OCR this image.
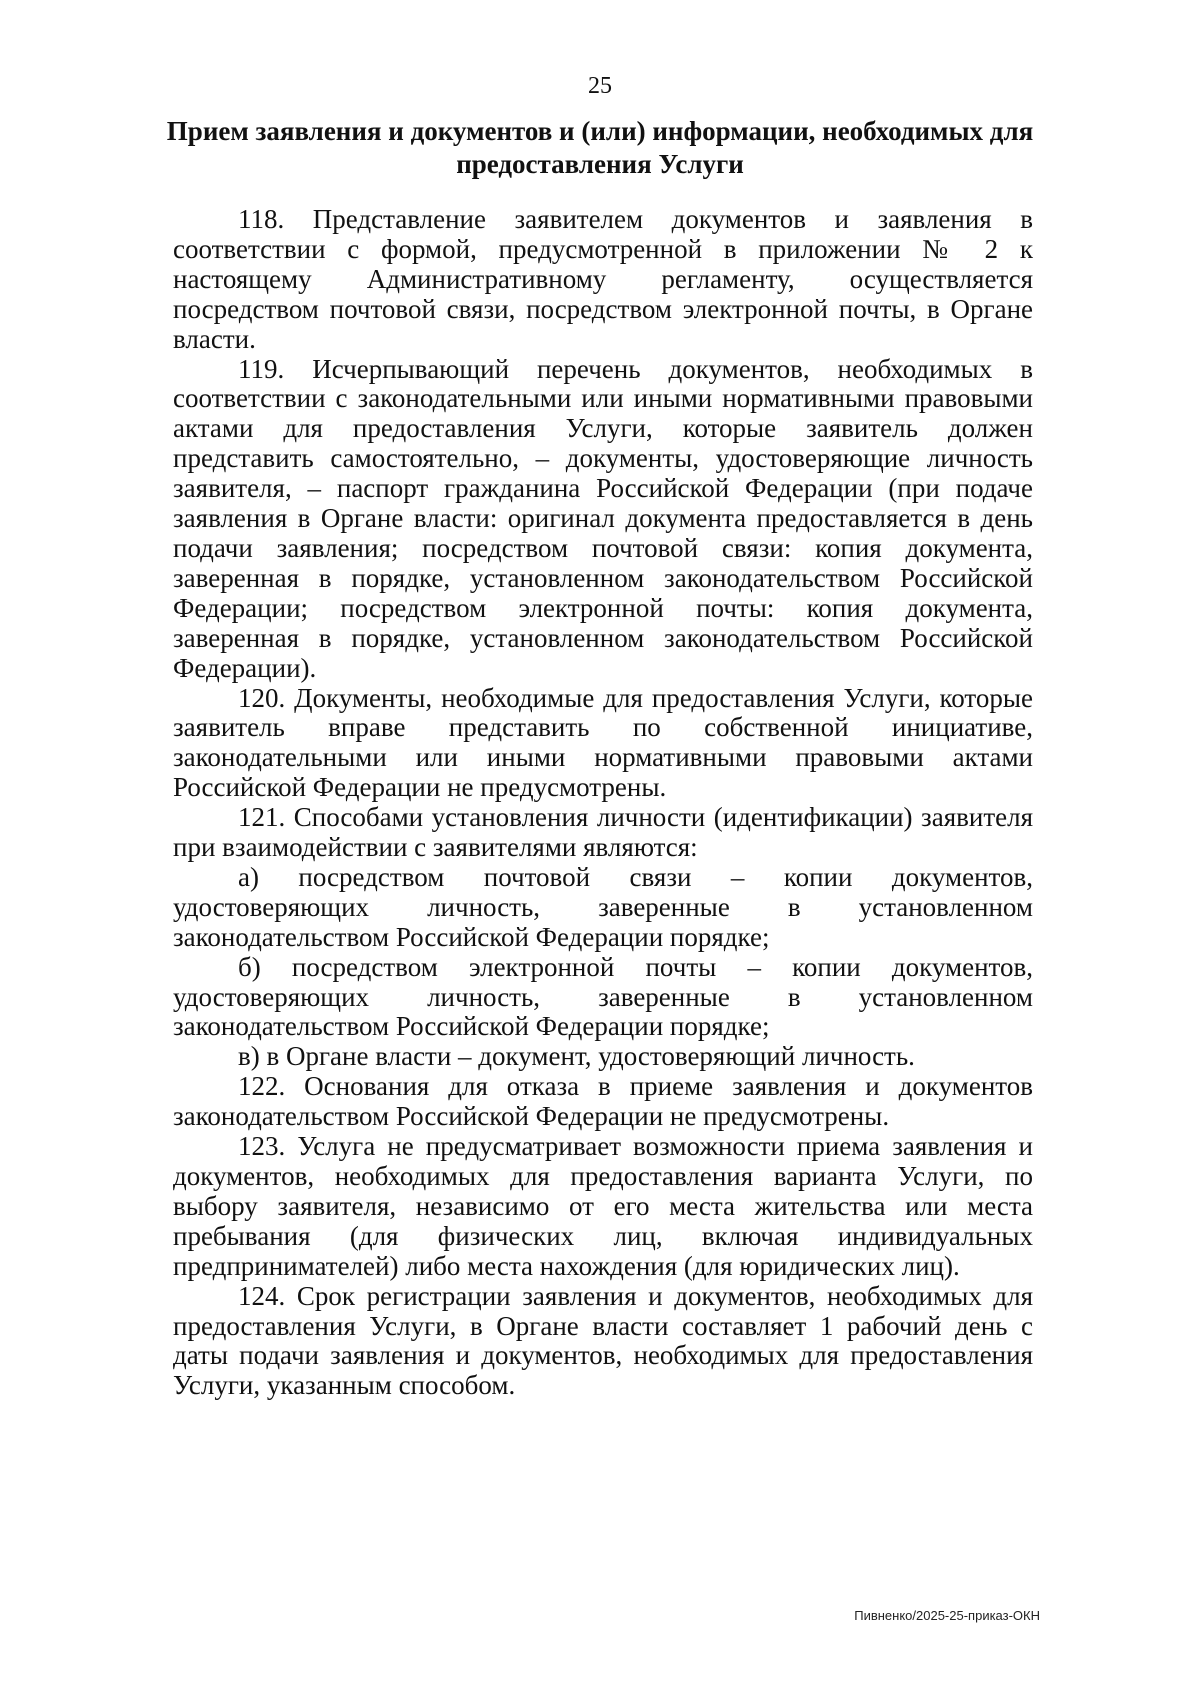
25
Прием заявления и документов и (или) информации, необходимых для
предоставления Услуги

118. Представление заявителем документов и заявления в соответствии с формой, предусмотренной в приложении № 2 к настоящему Административному регламенту, осуществляется посредством почтовой связи, посредством электронной почты, в Органе власти.

119. Исчерпывающий перечень документов, необходимых в соответствии с законодательными или иными нормативными правовыми актами для предоставления Услуги, которые заявитель должен представить самостоятельно, – документы, удостоверяющие личность заявителя, – паспорт гражданина Российской Федерации (при подаче заявления в Органе власти: оригинал документа предоставляется в день подачи заявления; посредством почтовой связи: копия документа, заверенная в порядке, установленном законодательством Российской Федерации; посредством электронной почты: копия документа, заверенная в порядке, установленном законодательством Российской Федерации).

120. Документы, необходимые для предоставления Услуги, которые заявитель вправе представить по собственной инициативе, законодательными или иными нормативными правовыми актами Российской Федерации не предусмотрены.

121. Способами установления личности (идентификации) заявителя при взаимодействии с заявителями являются:

а) посредством почтовой связи – копии документов, удостоверяющих личность, заверенные в установленном законодательством Российской Федерации порядке;

б) посредством электронной почты – копии документов, удостоверяющих личность, заверенные в установленном законодательством Российской Федерации порядке;

в) в Органе власти – документ, удостоверяющий личность.

122. Основания для отказа в приеме заявления и документов законодательством Российской Федерации не предусмотрены.

123. Услуга не предусматривает возможности приема заявления и документов, необходимых для предоставления варианта Услуги, по выбору заявителя, независимо от его места жительства или места пребывания (для физических лиц, включая индивидуальных предпринимателей) либо места нахождения (для юридических лиц).

124. Срок регистрации заявления и документов, необходимых для предоставления Услуги, в Органе власти составляет 1 рабочий день с даты подачи заявления и документов, необходимых для предоставления Услуги, указанным способом.

Пивненко/2025-25-приказ-ОКН
